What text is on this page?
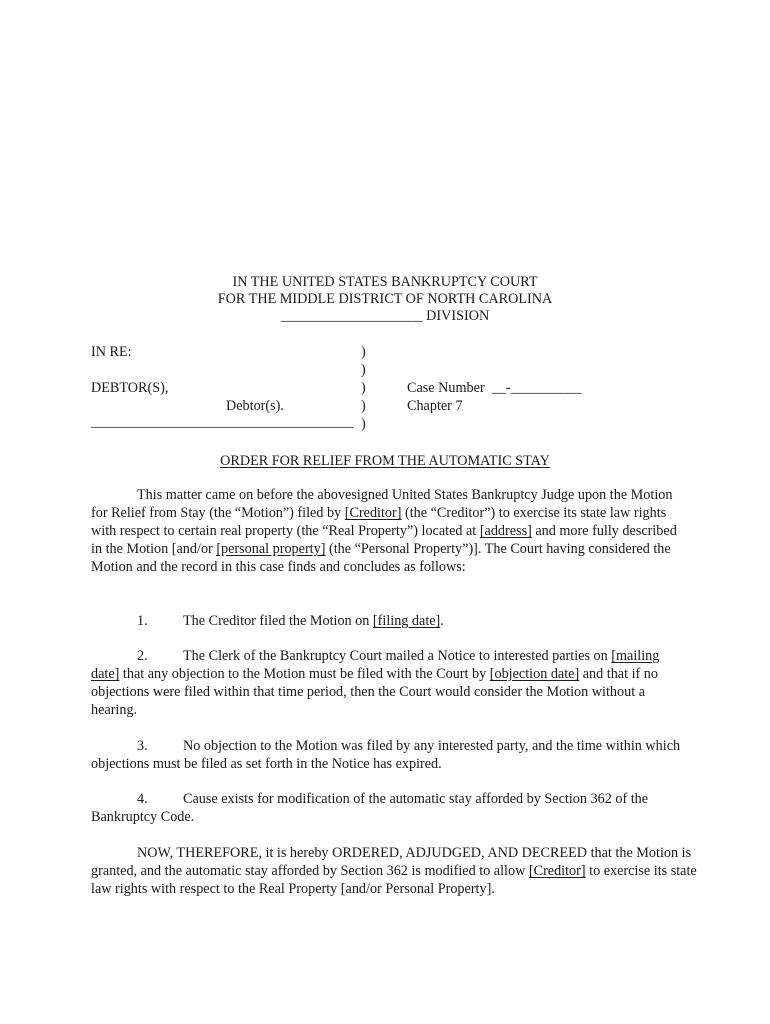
IN THE UNITED STATES BANKRUPTCY COURT
FOR THE MIDDLE DISTRICT OF NORTH CAROLINA
____________________ DIVISION
IN RE:
DEBTOR(S),
Debtor(s).
_____________________________________
)
)
)
)
)
Case Number __-__________
Chapter 7
ORDER FOR RELIEF FROM THE AUTOMATIC STAY
This matter came on before the abovesigned United States Bankruptcy Judge upon the Motion for Relief from Stay (the “Motion”) filed by [Creditor] (the “Creditor”) to exercise its state law rights with respect to certain real property (the “Real Property”) located at [address] and more fully described in the Motion [and/or [personal property] (the “Personal Property”)]. The Court having considered the Motion and the record in this case finds and concludes as follows:
1. The Creditor filed the Motion on [filing date].
2. The Clerk of the Bankruptcy Court mailed a Notice to interested parties on [mailing date] that any objection to the Motion must be filed with the Court by [objection date] and that if no objections were filed within that time period, then the Court would consider the Motion without a hearing.
3. No objection to the Motion was filed by any interested party, and the time within which objections must be filed as set forth in the Notice has expired.
4. Cause exists for modification of the automatic stay afforded by Section 362 of the Bankruptcy Code.
NOW, THEREFORE, it is hereby ORDERED, ADJUDGED, AND DECREED that the Motion is granted, and the automatic stay afforded by Section 362 is modified to allow [Creditor] to exercise its state law rights with respect to the Real Property [and/or Personal Property].
